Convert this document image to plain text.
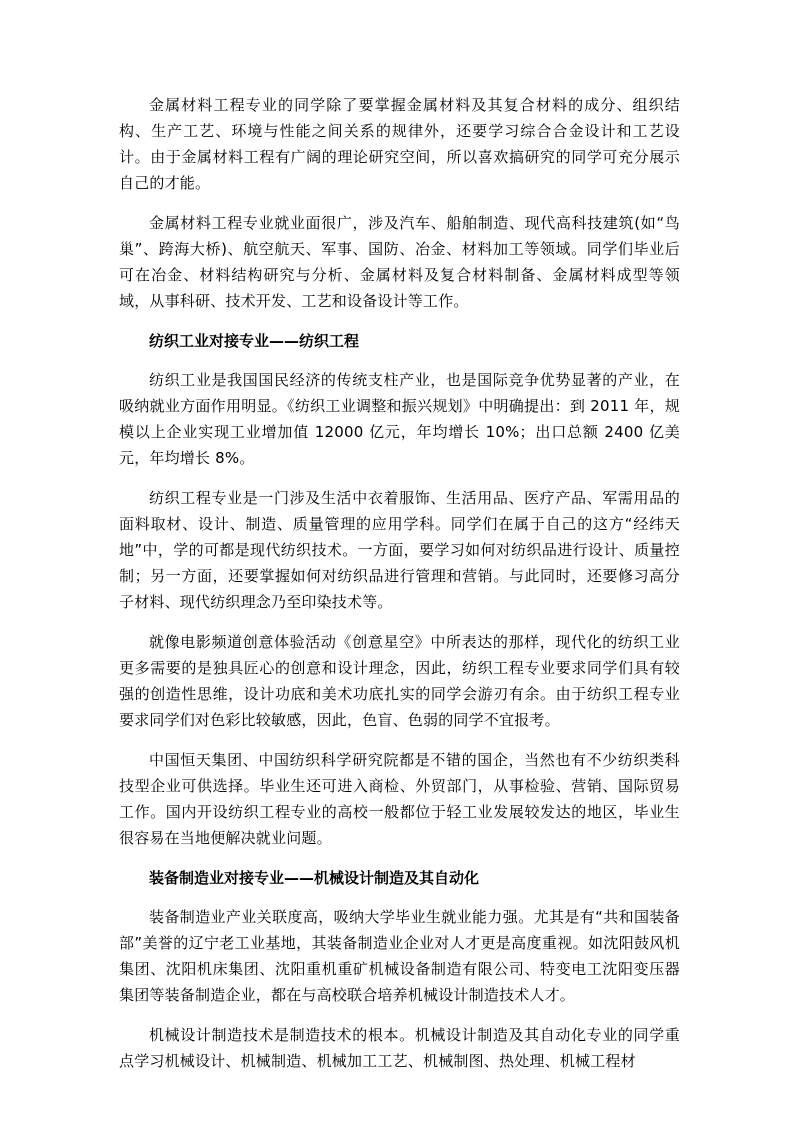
金属材料工程专业的同学除了要掌握金属材料及其复合材料的成分、组织结构、生产工艺、环境与性能之间关系的规律外，还要学习综合合金设计和工艺设计。由于金属材料工程有广阔的理论研究空间，所以喜欢搞研究的同学可充分展示自己的才能。

金属材料工程专业就业面很广，涉及汽车、船舶制造、现代高科技建筑(如“鸟巢”、跨海大桥)、航空航天、军事、国防、冶金、材料加工等领域。同学们毕业后可在冶金、材料结构研究与分析、金属材料及复合材料制备、金属材料成型等领域，从事科研、技术开发、工艺和设备设计等工作。

纺织工业对接专业——纺织工程

纺织工业是我国国民经济的传统支柱产业，也是国际竞争优势显著的产业，在吸纳就业方面作用明显。《纺织工业调整和振兴规划》中明确提出：到 2011 年，规模以上企业实现工业增加值 12000 亿元，年均增长 10%；出口总额 2400 亿美元，年均增长 8%。

纺织工程专业是一门涉及生活中衣着服饰、生活用品、医疗产品、军需用品的面料取材、设计、制造、质量管理的应用学科。同学们在属于自己的这方“经纬天地”中，学的可都是现代纺织技术。一方面，要学习如何对纺织品进行设计、质量控制；另一方面，还要掌握如何对纺织品进行管理和营销。与此同时，还要修习高分子材料、现代纺织理念乃至印染技术等。

就像电影频道创意体验活动《创意星空》中所表达的那样，现代化的纺织工业更多需要的是独具匠心的创意和设计理念，因此，纺织工程专业要求同学们具有较强的创造性思维，设计功底和美术功底扎实的同学会游刃有余。由于纺织工程专业要求同学们对色彩比较敏感，因此，色盲、色弱的同学不宜报考。

中国恒天集团、中国纺织科学研究院都是不错的国企，当然也有不少纺织类科技型企业可供选择。毕业生还可进入商检、外贸部门，从事检验、营销、国际贸易工作。国内开设纺织工程专业的高校一般都位于轻工业发展较发达的地区，毕业生很容易在当地便解决就业问题。

装备制造业对接专业——机械设计制造及其自动化

装备制造业产业关联度高，吸纳大学毕业生就业能力强。尤其是有“共和国装备部”美誉的辽宁老工业基地，其装备制造业企业对人才更是高度重视。如沈阳鼓风机集团、沈阳机床集团、沈阳重机重矿机械设备制造有限公司、特变电工沈阳变压器集团等装备制造企业，都在与高校联合培养机械设计制造技术人才。

机械设计制造技术是制造技术的根本。机械设计制造及其自动化专业的同学重点学习机械设计、机械制造、机械加工工艺、机械制图、热处理、机械工程材
